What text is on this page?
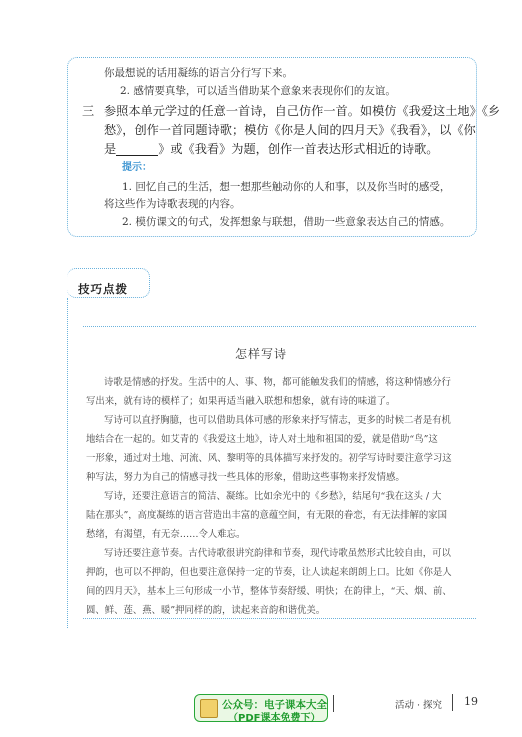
你最想说的话用凝练的语言分行写下来。
2. 感情要真挚，可以适当借助某个意象来表现你们的友谊。
三 参照本单元学过的任意一首诗，自己仿作一首。如模仿《我爱这土地》《乡
愁》，创作一首同题诗歌；模仿《你是人间的四月天》《我看》，以《你
是	》或《我看》为题，创作一首表达形式相近的诗歌。
提示：
1. 回忆自己的生活，想一想那些触动你的人和事，以及你当时的感受，
将这些作为诗歌表现的内容。
2. 模仿课文的句式，发挥想象与联想，借助一些意象表达自己的情感。
技巧点拨
怎样写诗
诗歌是情感的抒发。生活中的人、事、物，都可能触发我们的情感，将这种情感分行
写出来，就有诗的模样了；如果再适当融入联想和想象，就有诗的味道了。
写诗可以直抒胸臆，也可以借助具体可感的形象来抒写情志，更多的时候二者是有机
地结合在一起的。如艾青的《我爱这土地》，诗人对土地和祖国的爱，就是借助“鸟”这
一形象，通过对土地、河流、风、黎明等的具体描写来抒发的。初学写诗时要注意学习这
种写法，努力为自己的情感寻找一些具体的形象，借助这些事物来抒发情感。
写诗，还要注意语言的简洁、凝练。比如余光中的《乡愁》，结尾句“我在这头 / 大
陆在那头”，高度凝练的语言营造出丰富的意蕴空间，有无限的眷恋，有无法排解的家国
愁绪，有渴望，有无奈……令人难忘。
写诗还要注意节奏。古代诗歌很讲究韵律和节奏，现代诗歌虽然形式比较自由，可以
押韵，也可以不押韵，但也要注意保持一定的节奏，让人读起来朗朗上口。比如《你是人
间的四月天》，基本上三句形成一小节，整体节奏舒缓、明快；在韵律上，“天、烟、前、
圆、鲜、莲、燕、暖”押同样的韵，读起来音韵和谐优美。
公众号：电子课本大全
（PDF课本免费下）
活动 · 探究 19
